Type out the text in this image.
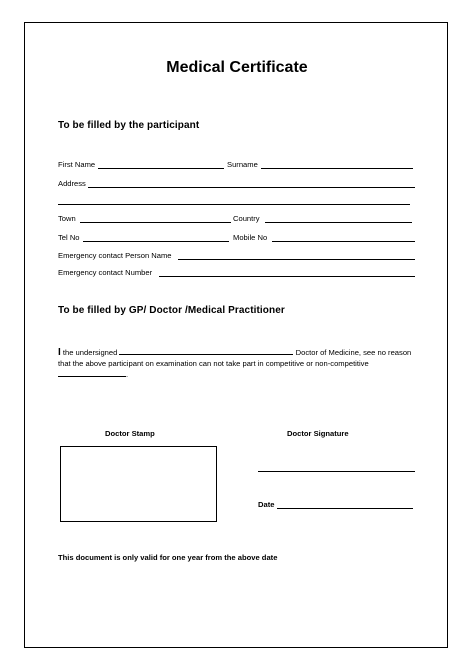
Medical Certificate
To be filled by the participant
First Name	Surname
Address
Town	Country
Tel No	Mobile No
Emergency contact Person Name
Emergency contact Number
To be filled by GP/ Doctor /Medical Practitioner
I the undersigned	Doctor of Medicine, see no reason that the above participant on examination can not take part in competitive or non-competitive.
Doctor Stamp	Doctor Signature
Date
This document is only valid for one year from the above date
